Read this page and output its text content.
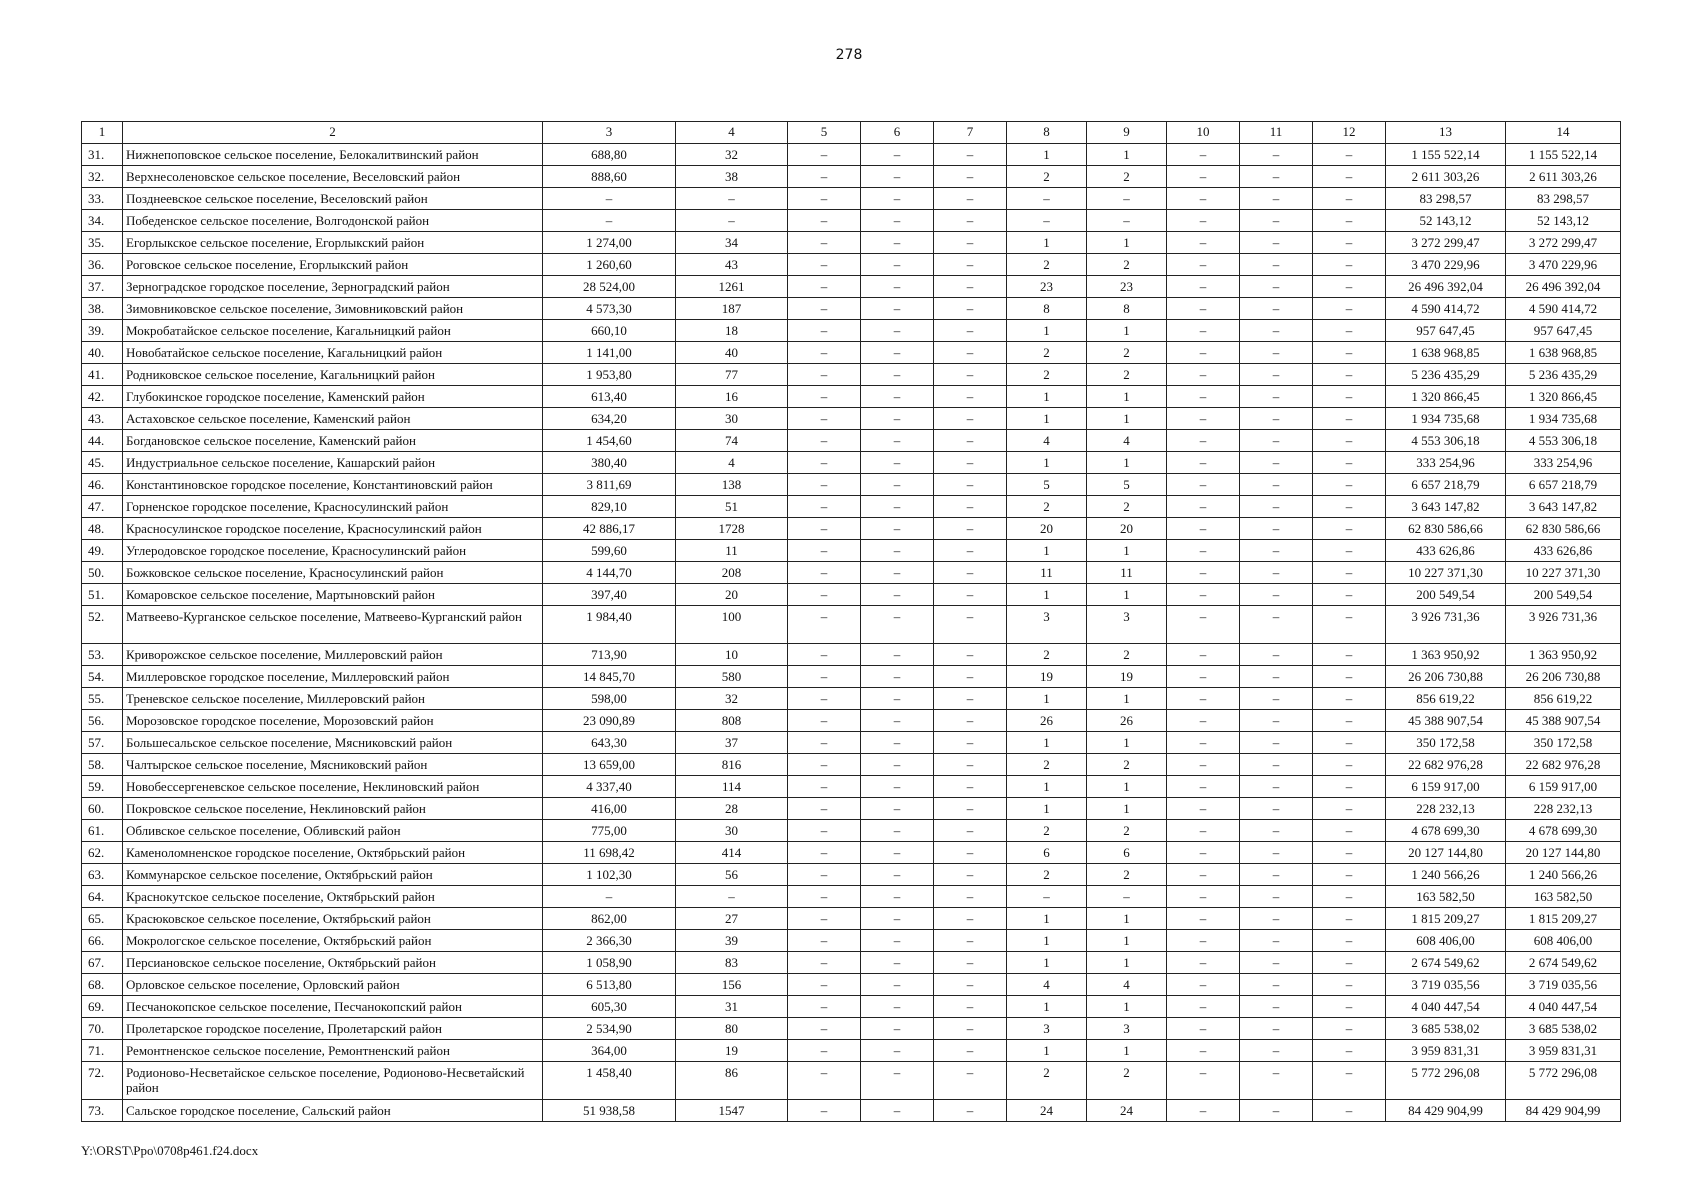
278
1	2	3	4	5	6	7	8	9	10	11	12	13	14
31.	Нижнепоповское сельское поселение, Белокалитвинский район	688,80	32	–	–	–	1	1	–	–	–	1 155 522,14	1 155 522,14
32.	Верхнесоленовское сельское поселение, Веселовский район	888,60	38	–	–	–	2	2	–	–	–	2 611 303,26	2 611 303,26
33.	Позднеевское сельское поселение, Веселовский район	–	–	–	–	–	–	–	–	–	–	83 298,57	83 298,57
34.	Победенское сельское поселение, Волгодонской район	–	–	–	–	–	–	–	–	–	–	52 143,12	52 143,12
35.	Егорлыкское сельское поселение, Егорлыкский район	1 274,00	34	–	–	–	1	1	–	–	–	3 272 299,47	3 272 299,47
36.	Роговское сельское поселение, Егорлыкский район	1 260,60	43	–	–	–	2	2	–	–	–	3 470 229,96	3 470 229,96
37.	Зерноградское городское поселение, Зерноградский район	28 524,00	1261	–	–	–	23	23	–	–	–	26 496 392,04	26 496 392,04
38.	Зимовниковское сельское поселение, Зимовниковский район	4 573,30	187	–	–	–	8	8	–	–	–	4 590 414,72	4 590 414,72
39.	Мокробатайское сельское поселение, Кагальницкий район	660,10	18	–	–	–	1	1	–	–	–	957 647,45	957 647,45
40.	Новобатайское сельское поселение, Кагальницкий район	1 141,00	40	–	–	–	2	2	–	–	–	1 638 968,85	1 638 968,85
41.	Родниковское сельское поселение, Кагальницкий район	1 953,80	77	–	–	–	2	2	–	–	–	5 236 435,29	5 236 435,29
42.	Глубокинское городское поселение, Каменский район	613,40	16	–	–	–	1	1	–	–	–	1 320 866,45	1 320 866,45
43.	Астаховское сельское поселение, Каменский район	634,20	30	–	–	–	1	1	–	–	–	1 934 735,68	1 934 735,68
44.	Богдановское сельское поселение, Каменский район	1 454,60	74	–	–	–	4	4	–	–	–	4 553 306,18	4 553 306,18
45.	Индустриальное сельское поселение, Кашарский район	380,40	4	–	–	–	1	1	–	–	–	333 254,96	333 254,96
46.	Константиновское городское поселение, Константиновский район	3 811,69	138	–	–	–	5	5	–	–	–	6 657 218,79	6 657 218,79
47.	Горненское городское поселение, Красносулинский район	829,10	51	–	–	–	2	2	–	–	–	3 643 147,82	3 643 147,82
48.	Красносулинское городское поселение, Красносулинский район	42 886,17	1728	–	–	–	20	20	–	–	–	62 830 586,66	62 830 586,66
49.	Углеродовское городское поселение, Красносулинский район	599,60	11	–	–	–	1	1	–	–	–	433 626,86	433 626,86
50.	Божковское сельское поселение, Красносулинский район	4 144,70	208	–	–	–	11	11	–	–	–	10 227 371,30	10 227 371,30
51.	Комаровское сельское поселение, Мартыновский район	397,40	20	–	–	–	1	1	–	–	–	200 549,54	200 549,54
52.	Матвеево-Курганское сельское поселение, Матвеево-Курганский район	1 984,40	100	–	–	–	3	3	–	–	–	3 926 731,36	3 926 731,36
53.	Криворожское сельское поселение, Миллеровский район	713,90	10	–	–	–	2	2	–	–	–	1 363 950,92	1 363 950,92
54.	Миллеровское городское поселение, Миллеровский район	14 845,70	580	–	–	–	19	19	–	–	–	26 206 730,88	26 206 730,88
55.	Треневское сельское поселение, Миллеровский район	598,00	32	–	–	–	1	1	–	–	–	856 619,22	856 619,22
56.	Морозовское городское поселение, Морозовский район	23 090,89	808	–	–	–	26	26	–	–	–	45 388 907,54	45 388 907,54
57.	Большесальское сельское поселение, Мясниковский район	643,30	37	–	–	–	1	1	–	–	–	350 172,58	350 172,58
58.	Чалтырское сельское поселение, Мясниковский район	13 659,00	816	–	–	–	2	2	–	–	–	22 682 976,28	22 682 976,28
59.	Новобессергеневское сельское поселение, Неклиновский район	4 337,40	114	–	–	–	1	1	–	–	–	6 159 917,00	6 159 917,00
60.	Покровское сельское поселение, Неклиновский район	416,00	28	–	–	–	1	1	–	–	–	228 232,13	228 232,13
61.	Обливское сельское поселение, Обливский район	775,00	30	–	–	–	2	2	–	–	–	4 678 699,30	4 678 699,30
62.	Каменоломненское городское поселение, Октябрьский район	11 698,42	414	–	–	–	6	6	–	–	–	20 127 144,80	20 127 144,80
63.	Коммунарское сельское поселение, Октябрьский район	1 102,30	56	–	–	–	2	2	–	–	–	1 240 566,26	1 240 566,26
64.	Краснокутское сельское поселение, Октябрьский район	–	–	–	–	–	–	–	–	–	–	163 582,50	163 582,50
65.	Красюковское сельское поселение, Октябрьский район	862,00	27	–	–	–	1	1	–	–	–	1 815 209,27	1 815 209,27
66.	Мокрологское сельское поселение, Октябрьский район	2 366,30	39	–	–	–	1	1	–	–	–	608 406,00	608 406,00
67.	Персиановское сельское поселение, Октябрьский район	1 058,90	83	–	–	–	1	1	–	–	–	2 674 549,62	2 674 549,62
68.	Орловское сельское поселение, Орловский район	6 513,80	156	–	–	–	4	4	–	–	–	3 719 035,56	3 719 035,56
69.	Песчанокопское сельское поселение, Песчанокопский район	605,30	31	–	–	–	1	1	–	–	–	4 040 447,54	4 040 447,54
70.	Пролетарское городское поселение, Пролетарский район	2 534,90	80	–	–	–	3	3	–	–	–	3 685 538,02	3 685 538,02
71.	Ремонтненское сельское поселение, Ремонтненский район	364,00	19	–	–	–	1	1	–	–	–	3 959 831,31	3 959 831,31
72.	Родионово-Несветайское сельское поселение, Родионово-Несветайский район	1 458,40	86	–	–	–	2	2	–	–	–	5 772 296,08	5 772 296,08
73.	Сальское городское поселение, Сальский район	51 938,58	1547	–	–	–	24	24	–	–	–	84 429 904,99	84 429 904,99
Y:\ORST\Ppo\0708p461.f24.docx
